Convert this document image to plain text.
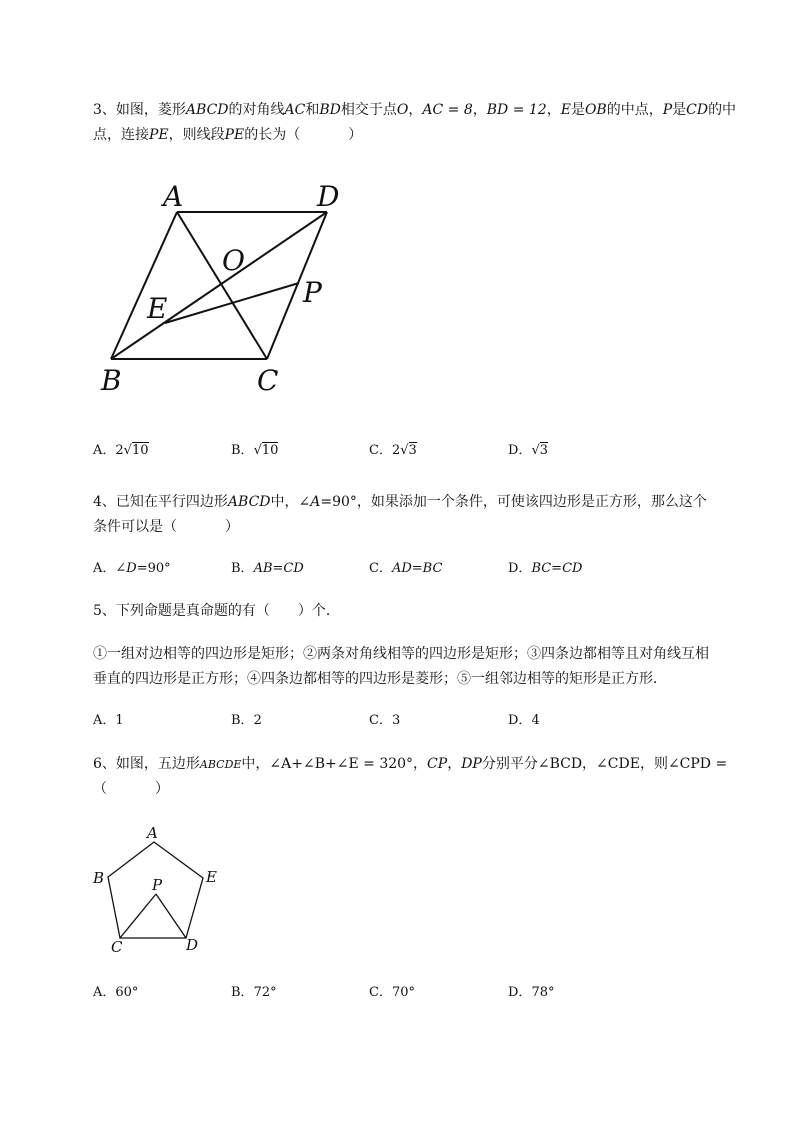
3、如图，菱形ABCD的对角线AC和BD相交于点O，AC = 8，BD = 12，E是OB的中点，P是CD的中
点，连接PE，则线段PE的长为（	）
A	D
O
P
E
B	C
A．2√10	B．√10	C．2√3	D．√3
4、已知在平行四边形ABCD中，∠A=90°，如果添加一个条件，可使该四边形是正方形，那么这个
条件可以是（	）
A．∠D=90°	B．AB=CD	C．AD=BC	D．BC=CD
5、下列命题是真命题的有（　　）个．
①一组对边相等的四边形是矩形；②两条对角线相等的四边形是矩形；③四条边都相等且对角线互相
垂直的四边形是正方形；④四条边都相等的四边形是菱形；⑤一组邻边相等的矩形是正方形．
A．1	B．2	C．3	D．4
6、如图，五边形ABCDE中，∠A+∠B+∠E = 320°，CP，DP分别平分∠BCD，∠CDE，则∠CPD =
（	）
A
B	E
P
C	D
A．60°	B．72°	C．70°	D．78°
